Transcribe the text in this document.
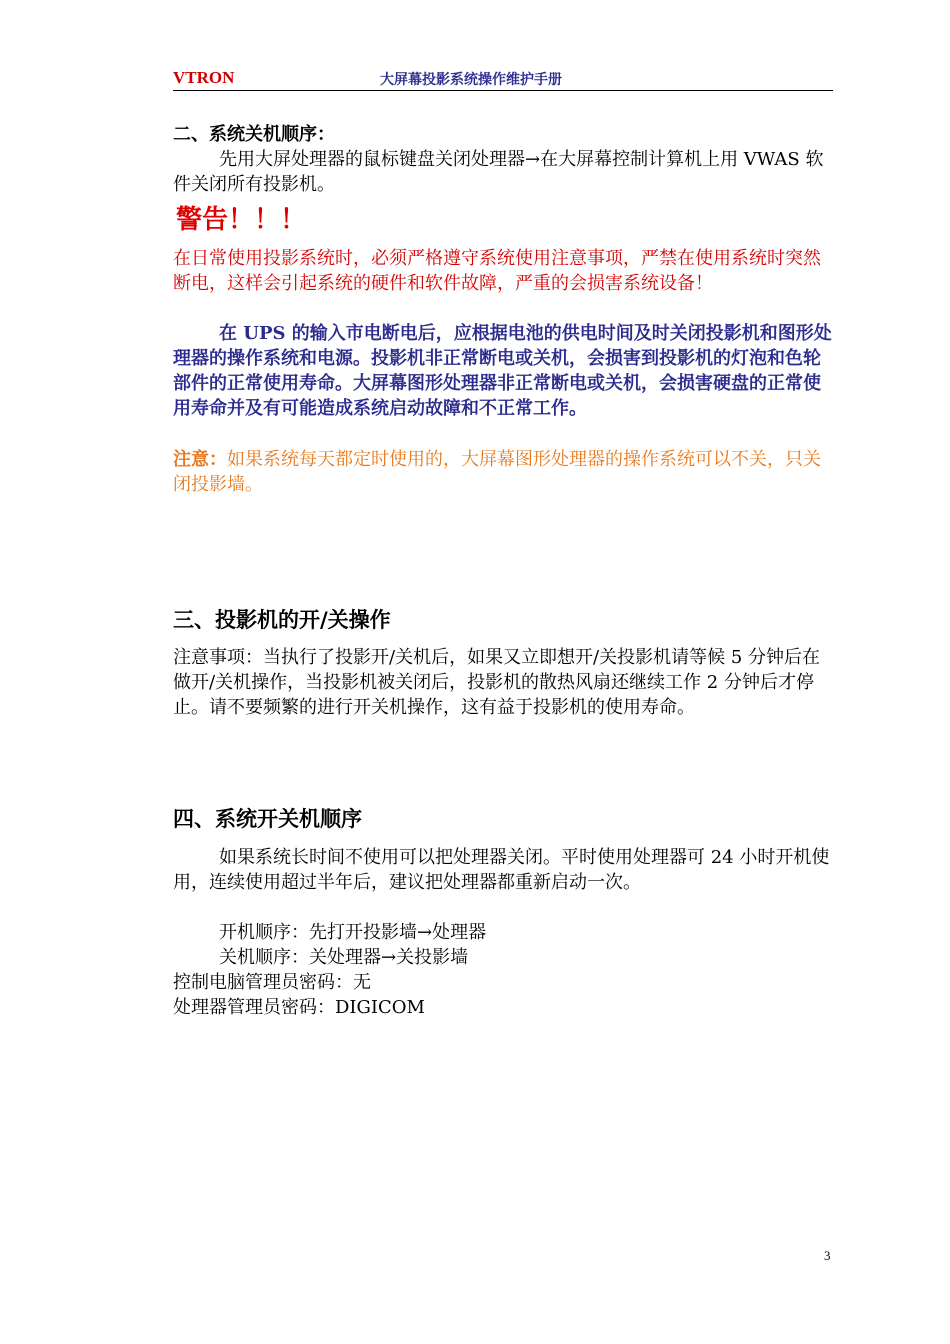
VTRON	大屏幕投影系统操作维护手册
二、系统关机顺序：
先用大屏处理器的鼠标键盘关闭处理器→在大屏幕控制计算机上用 VWAS 软件关闭所有投影机。
警告！！！
在日常使用投影系统时，必须严格遵守系统使用注意事项，严禁在使用系统时突然断电，这样会引起系统的硬件和软件故障，严重的会损害系统设备！
在 UPS 的输入市电断电后，应根据电池的供电时间及时关闭投影机和图形处理器的操作系统和电源。投影机非正常断电或关机，会损害到投影机的灯泡和色轮部件的正常使用寿命。大屏幕图形处理器非正常断电或关机，会损害硬盘的正常使用寿命并及有可能造成系统启动故障和不正常工作。
注意：如果系统每天都定时使用的，大屏幕图形处理器的操作系统可以不关，只关闭投影墙。
三、投影机的开/关操作
注意事项：当执行了投影开/关机后，如果又立即想开/关投影机请等候 5 分钟后在做开/关机操作，当投影机被关闭后，投影机的散热风扇还继续工作 2 分钟后才停止。请不要频繁的进行开关机操作，这有益于投影机的使用寿命。
四、系统开关机顺序
如果系统长时间不使用可以把处理器关闭。平时使用处理器可 24 小时开机使用，连续使用超过半年后，建议把处理器都重新启动一次。
开机顺序：先打开投影墙→处理器
关机顺序：关处理器→关投影墙
控制电脑管理员密码：无
处理器管理员密码：DIGICOM
3
